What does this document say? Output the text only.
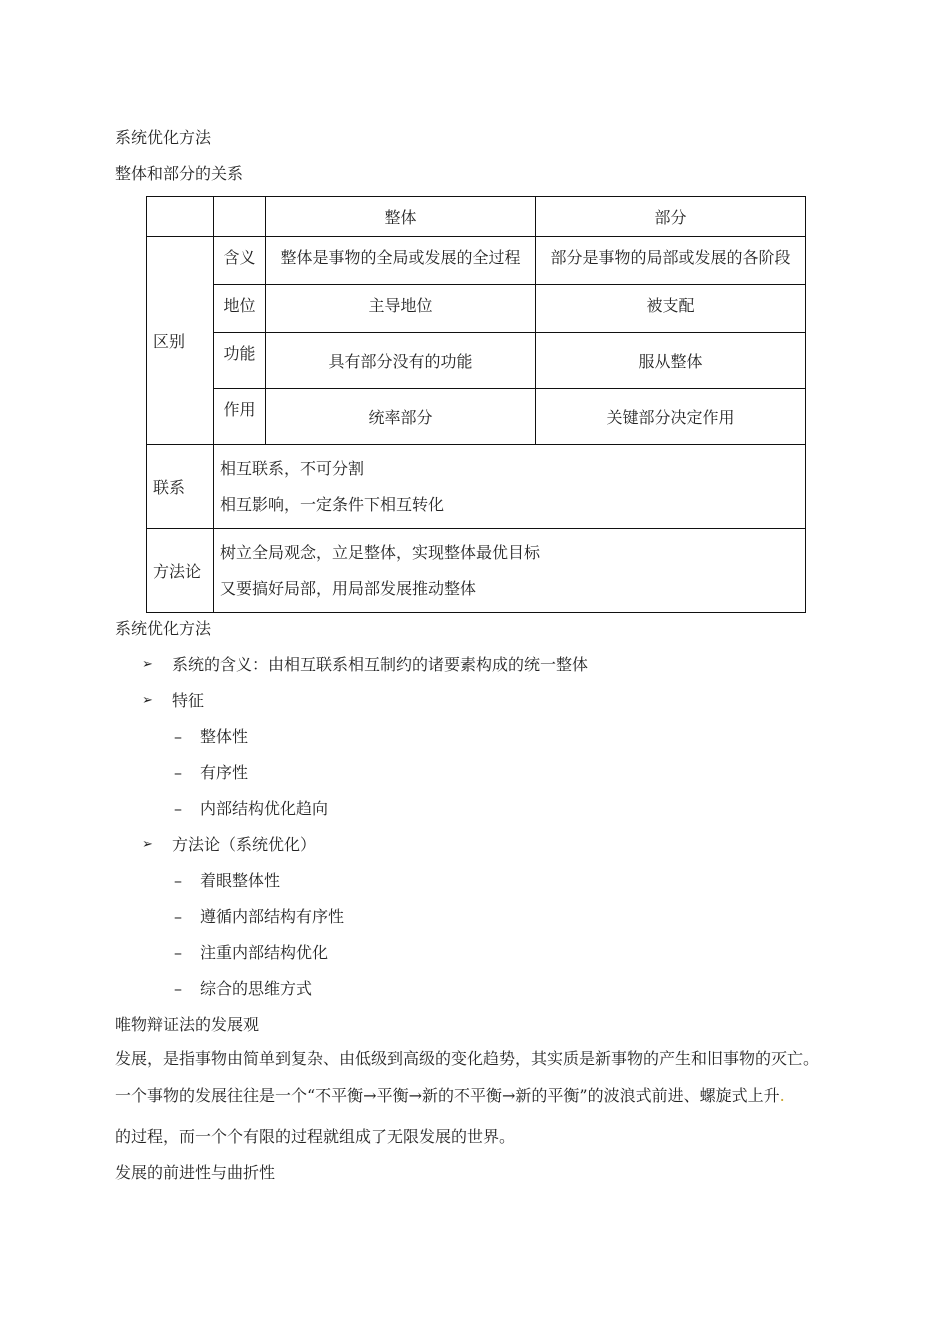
系统优化方法
整体和部分的关系
		整体	部分
区别	含义	整体是事物的全局或发展的全过程	部分是事物的局部或发展的各阶段
	地位	主导地位	被支配
	功能	具有部分没有的功能	服从整体
	作用	统率部分	关键部分决定作用
联系	相互联系，不可分割
相互影响，一定条件下相互转化		

方法论	树立全局观念，立足整体，实现整体最优目标
又要搞好局部，用局部发展推动整体		
系统优化方法
➢ 系统的含义：由相互联系相互制约的诸要素构成的统一整体
➢ 特征
– 整体性
– 有序性
– 内部结构优化趋向
➢ 方法论（系统优化）
– 着眼整体性
– 遵循内部结构有序性
– 注重内部结构优化
– 综合的思维方式
唯物辩证法的发展观
发展，是指事物由简单到复杂、由低级到高级的变化趋势，其实质是新事物的产生和旧事物的灭亡。
一个事物的发展往往是一个“不平衡→平衡→新的不平衡→新的平衡”的波浪式前进、螺旋式上升.
的过程，而一个个有限的过程就组成了无限发展的世界。
发展的前进性与曲折性
